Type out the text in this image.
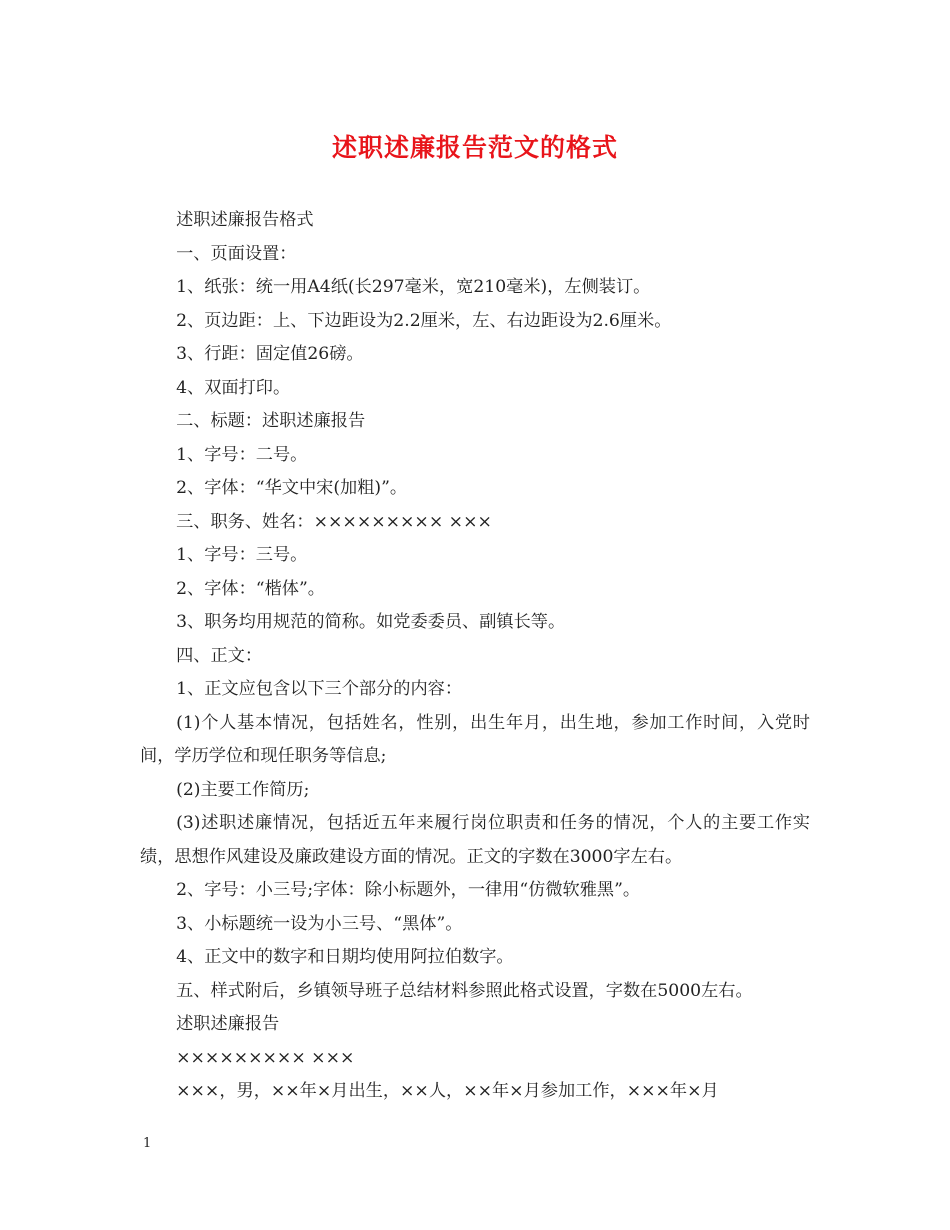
述职述廉报告范文的格式

述职述廉报告格式

一、页面设置：

1、纸张：统一用A4纸(长297毫米，宽210毫米)，左侧装订。

2、页边距：上、下边距设为2.2厘米，左、右边距设为2.6厘米。

3、行距：固定值26磅。

4、双面打印。

二、标题：述职述廉报告

1、字号：二号。

2、字体：“华文中宋(加粗)”。

三、职务、姓名：××××××××× ×××

1、字号：三号。

2、字体：“楷体”。

3、职务均用规范的简称。如党委委员、副镇长等。

四、正文：

1、正文应包含以下三个部分的内容：

(1)个人基本情况，包括姓名，性别，出生年月，出生地，参加工作时间，入党时间，学历学位和现任职务等信息;

(2)主要工作简历;

(3)述职述廉情况，包括近五年来履行岗位职责和任务的情况，个人的主要工作实绩，思想作风建设及廉政建设方面的情况。正文的字数在3000字左右。

2、字号：小三号;字体：除小标题外，一律用“仿微软雅黑”。

3、小标题统一设为小三号、“黑体”。

4、正文中的数字和日期均使用阿拉伯数字。

五、样式附后，乡镇领导班子总结材料参照此格式设置，字数在5000左右。

述职述廉报告

××××××××× ×××

×××，男，××年×月出生，××人，××年×月参加工作，×××年×月

1
